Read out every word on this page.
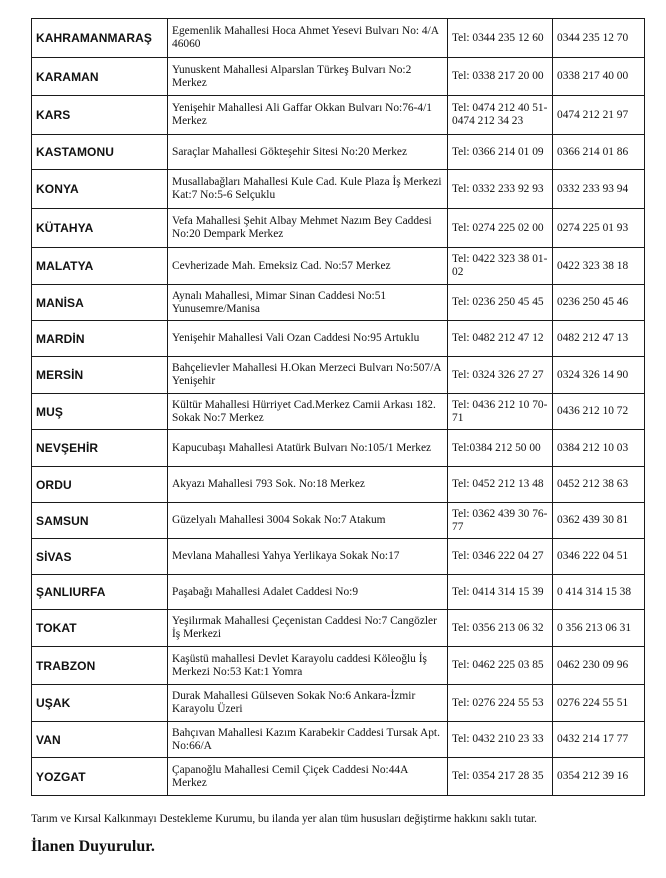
KAHRAMANMARAŞ	Egemenlik Mahallesi Hoca Ahmet Yesevi Bulvarı No: 4/A 46060	Tel: 0344 235 12 60	0344 235 12 70
KARAMAN	Yunuskent Mahallesi Alparslan Türkeş Bulvarı No:2 Merkez	Tel: 0338 217 20 00	0338 217 40 00
KARS	Yenişehir Mahallesi Ali Gaffar Okkan Bulvarı No:76-4/1 Merkez	Tel: 0474 212 40 51-0474 212 34 23	0474 212 21 97
KASTAMONU	Saraçlar Mahallesi Gökteşehir Sitesi No:20 Merkez	Tel: 0366 214 01 09	0366 214 01 86
KONYA	Musallabağları Mahallesi Kule Cad. Kule Plaza İş Merkezi Kat:7 No:5-6 Selçuklu	Tel: 0332 233 92 93	0332 233 93 94
KÜTAHYA	Vefa Mahallesi Şehit Albay Mehmet Nazım Bey Caddesi No:20 Dempark Merkez	Tel: 0274 225 02 00	0274 225 01 93
MALATYA	Cevherizade Mah. Emeksiz Cad. No:57 Merkez	Tel: 0422 323 38 01-02	0422 323 38 18
MANİSA	Aynalı Mahallesi, Mimar Sinan Caddesi No:51 Yunusemre/Manisa	Tel: 0236 250 45 45	0236 250 45 46
MARDİN	Yenişehir Mahallesi Vali Ozan Caddesi No:95 Artuklu	Tel: 0482 212 47 12	0482 212 47 13
MERSİN	Bahçelievler Mahallesi H.Okan Merzeci Bulvarı No:507/A Yenişehir	Tel: 0324 326 27 27	0324 326 14 90
MUŞ	Kültür Mahallesi Hürriyet Cad.Merkez Camii Arkası 182. Sokak No:7 Merkez	Tel: 0436 212 10 70-71	0436 212 10 72
NEVŞEHİR	Kapucubaşı Mahallesi Atatürk Bulvarı No:105/1 Merkez	Tel:0384 212 50 00	0384 212 10 03
ORDU	Akyazı Mahallesi 793 Sok. No:18 Merkez	Tel: 0452 212 13 48	0452 212 38 63
SAMSUN	Güzelyalı Mahallesi 3004 Sokak No:7 Atakum	Tel: 0362 439 30 76-77	0362 439 30 81
SİVAS	Mevlana Mahallesi Yahya Yerlikaya Sokak No:17	Tel: 0346 222 04 27	0346 222 04 51
ŞANLIURFA	Paşabağı Mahallesi Adalet Caddesi No:9	Tel: 0414 314 15 39	0 414 314 15 38
TOKAT	Yeşilırmak Mahallesi Çeçenistan Caddesi No:7 Cangözler İş Merkezi	Tel: 0356 213 06 32	0 356 213 06 31
TRABZON	Kaşüstü mahallesi Devlet Karayolu caddesi Köleoğlu İş Merkezi No:53 Kat:1 Yomra	Tel: 0462 225 03 85	0462 230 09 96
UŞAK	Durak Mahallesi Gülseven Sokak No:6 Ankara-İzmir Karayolu Üzeri	Tel: 0276 224 55 53	0276 224 55 51
VAN	Bahçıvan Mahallesi Kazım Karabekir Caddesi Tursak Apt. No:66/A	Tel: 0432 210 23 33	0432 214 17 77
YOZGAT	Çapanoğlu Mahallesi Cemil Çiçek Caddesi No:44A Merkez	Tel: 0354 217 28 35	0354 212 39 16

Tarım ve Kırsal Kalkınmayı Destekleme Kurumu, bu ilanda yer alan tüm hususları değiştirme hakkını saklı tutar.

İlanen Duyurulur.
